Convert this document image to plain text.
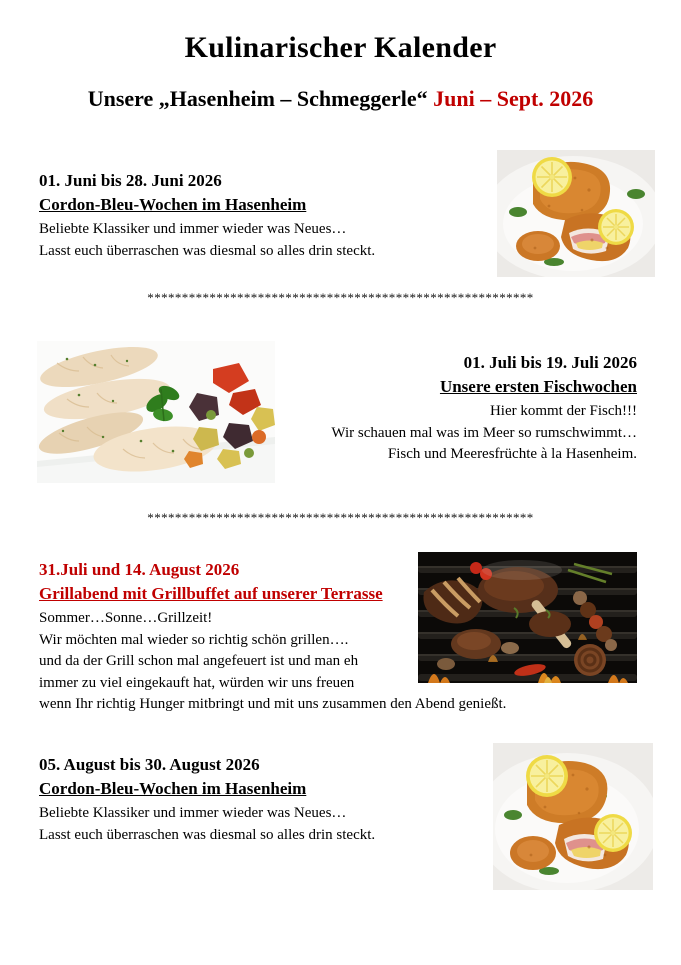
Kulinarischer Kalender
Unsere „Hasenheim – Schmeggerle“ Juni – Sept. 2026
01. Juni bis 28. Juni 2026
Cordon-Bleu-Wochen im Hasenheim
Beliebte Klassiker und immer wieder was Neues…
Lasst euch überraschen was diesmal so alles drin steckt.
********************************************************
01. Juli bis 19. Juli 2026
Unsere ersten Fischwochen
Hier kommt der Fisch!!!
Wir schauen mal was im Meer so rumschwimmt…
Fisch und Meeresfrüchte à la Hasenheim.
********************************************************
31.Juli und 14. August 2026
Grillabend mit Grillbuffet auf unserer Terrasse
Sommer…Sonne…Grillzeit!
Wir möchten mal wieder so richtig schön grillen….
und da der Grill schon mal angefeuert ist und man eh
immer zu viel eingekauft hat, würden wir uns freuen
wenn Ihr richtig Hunger mitbringt und mit uns zusammen den Abend genießt.
05. August bis 30. August 2026
Cordon-Bleu-Wochen im Hasenheim
Beliebte Klassiker und immer wieder was Neues…
Lasst euch überraschen was diesmal so alles drin steckt.
